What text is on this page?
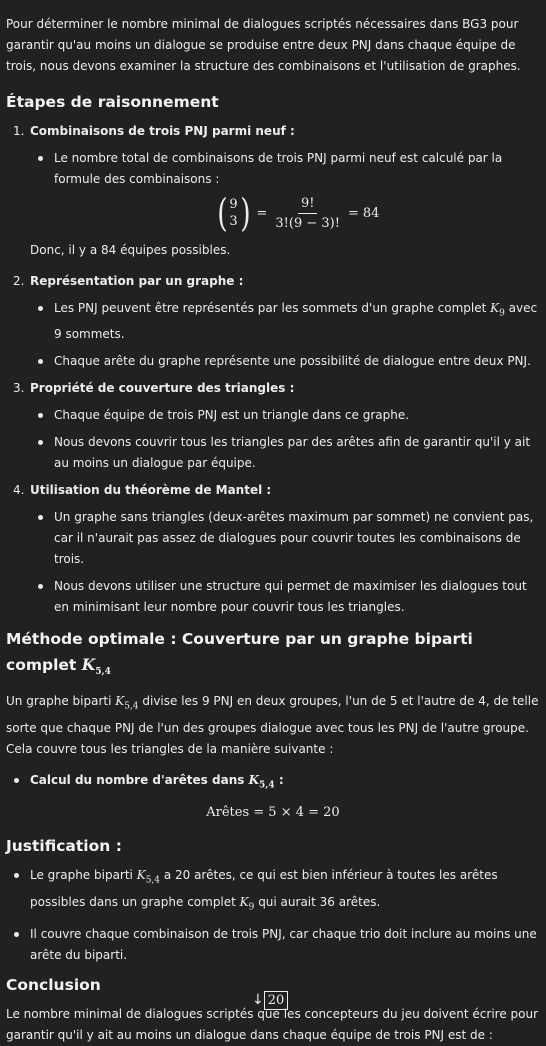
Pour déterminer le nombre minimal de dialogues scriptés nécessaires dans BG3 pour garantir qu'au moins un dialogue se produise entre deux PNJ dans chaque équipe de trois, nous devons examiner la structure des combinaisons et l'utilisation de graphes.

Étapes de raisonnement
1. Combinaisons de trois PNJ parmi neuf :
Le nombre total de combinaisons de trois PNJ parmi neuf est calculé par la formule des combinaisons :
( 9
3 ) = $\frac{9!}{3!(9 - 3)!} = 84$

Donc, il y a 84 équipes possibles.

2. Représentation par un graphe :
Les PNJ peuvent être représentés par les sommets d'un graphe complet $K_9$ avec 9 sommets.
Chaque arête du graphe représente une possibilité de dialogue entre deux PNJ.
3. Propriété de couverture des triangles :
Chaque équipe de trois PNJ est un triangle dans ce graphe.
Nous devons couvrir tous les triangles par des arêtes afin de garantir qu'il y ait au moins un dialogue par équipe.
4. Utilisation du théorème de Mantel :
Un graphe sans triangles (deux-arêtes maximum par sommet) ne convient pas, car il n'aurait pas assez de dialogues pour couvrir toutes les combinaisons de trois.
Nous devons utiliser une structure qui permet de maximiser les dialogues tout en minimisant leur nombre pour couvrir tous les triangles.
Méthode optimale : Couverture par un graphe biparti complet $K_{5,4}$

Un graphe biparti $K_{5,4}$ divise les 9 PNJ en deux groupes, l'un de 5 et l'autre de 4, de telle sorte que chaque PNJ de l'un des groupes dialogue avec tous les PNJ de l'autre groupe. Cela couvre tous les triangles de la manière suivante :

Calcul du nombre d'arêtes dans $K_{5,4}$ :
Arêtes = 5 × 4 = 20
Justification :
Le graphe biparti $K_{5,4}$ a 20 arêtes, ce qui est bien inférieur à toutes les arêtes possibles dans un graphe complet $K_9$ qui aurait 36 arêtes.
Il couvre chaque combinaison de trois PNJ, car chaque trio doit inclure au moins une arête du biparti.
Conclusion

Le nombre minimal de dialogues scriptés que les concepteurs du jeu doivent écrire pour garantir qu'il y ait au moins un dialogue dans chaque équipe de trois PNJ est de :

↓ 20
